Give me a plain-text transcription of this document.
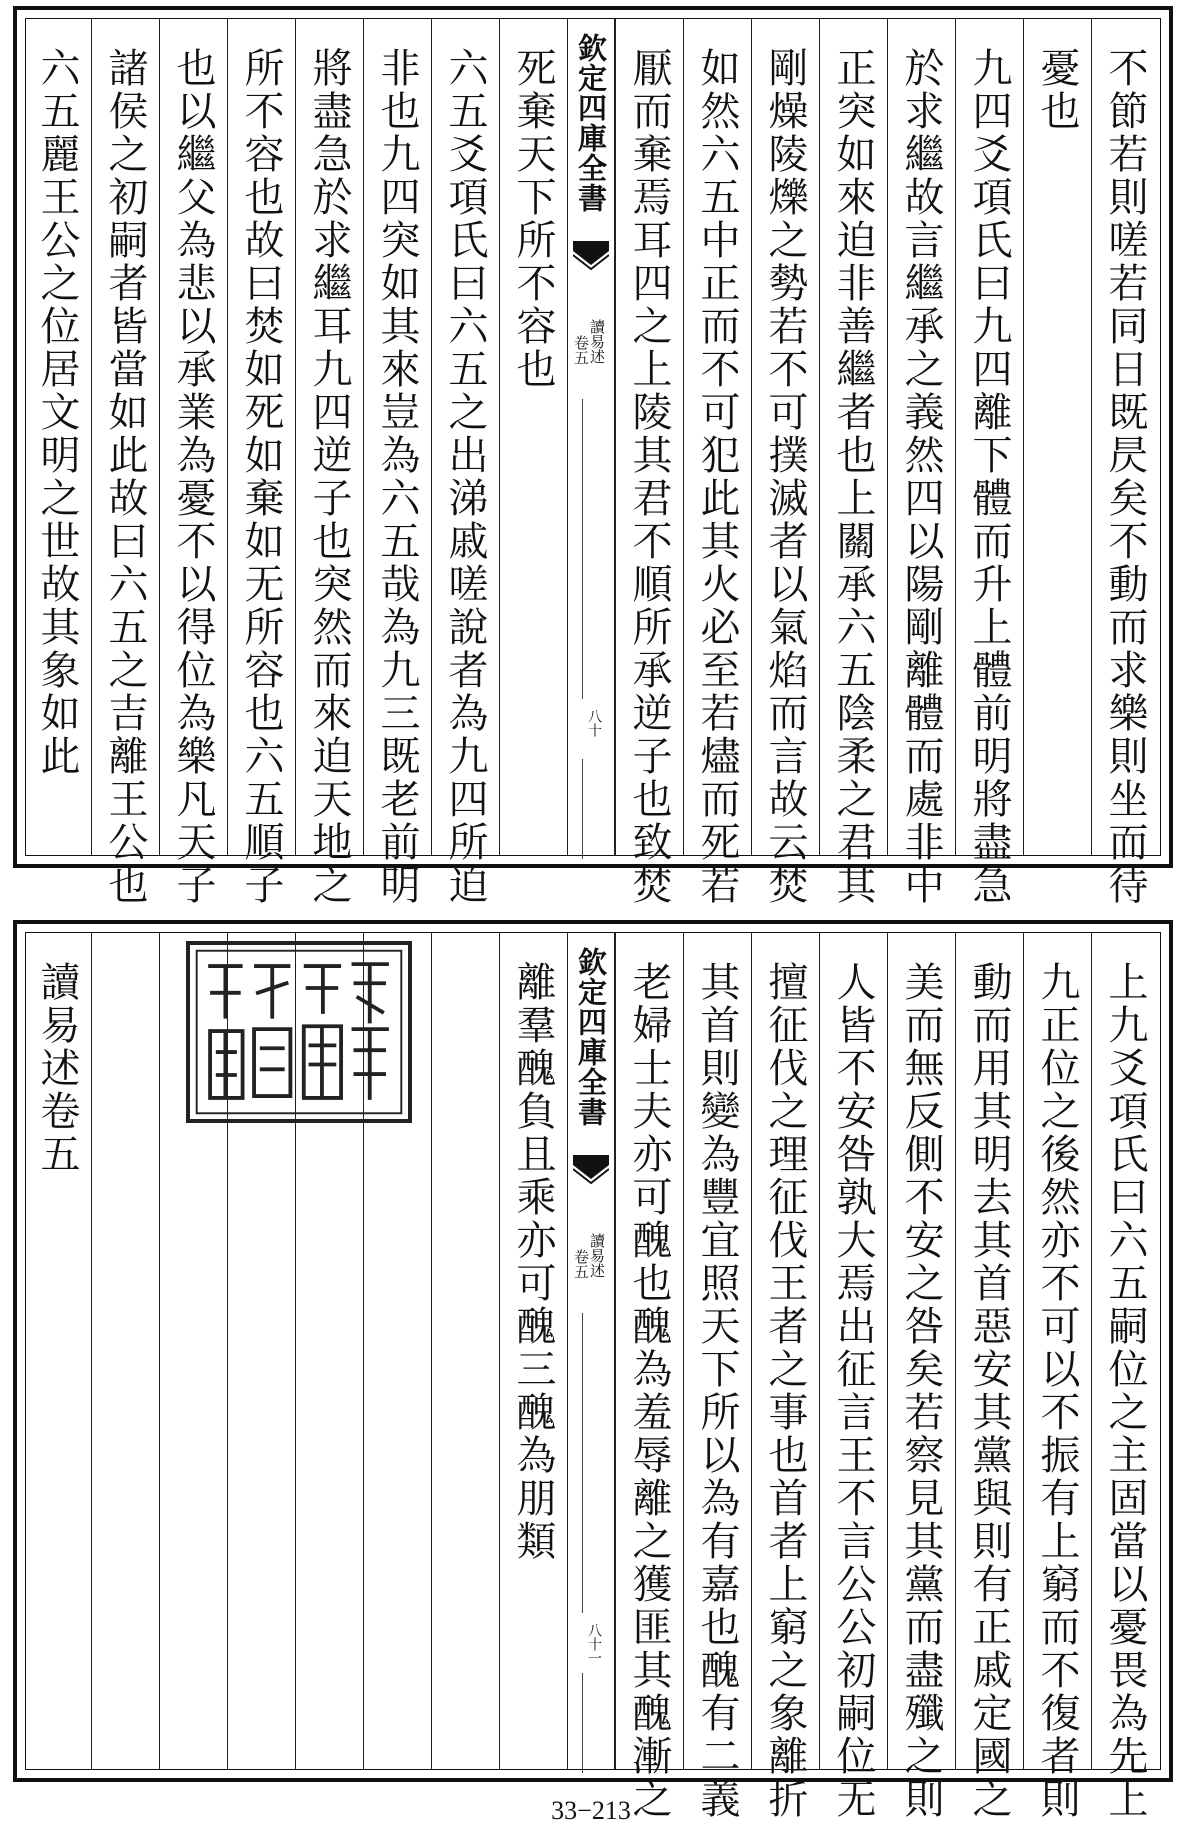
不節若則嗟若同日既昃矣不動而求樂則坐而待
憂也
九四爻項氏曰九四離下體而升上體前明將盡急
於求繼故言繼承之義然四以陽剛離體而處非中
正突如來迫非善繼者也上關承六五陰柔之君其
剛燥陵爍之勢若不可撲滅者以氣焰而言故云焚
如然六五中正而不可犯此其火必至若燼而死若
厭而棄焉耳四之上陵其君不順所承逆子也致焚
欽定四庫全書
讀易述
卷五
八十
死棄天下所不容也
六五爻項氏曰六五之出涕戚嗟說者為九四所迫
非也九四突如其來豈為六五哉為九三既老前明
將盡急於求繼耳九四逆子也突然而來迫天地之
所不容也故曰焚如死如棄如无所容也六五順子
也以繼父為悲以承業為憂不以得位為樂凡天子
諸侯之初嗣者皆當如此故曰六五之吉離王公也
六五麗王公之位居文明之世故其象如此
上九爻項氏曰六五嗣位之主固當以憂畏為先上
九正位之後然亦不可以不振有上窮而不復者則
動而用其明去其首惡安其黨與則有正戚定國之
美而無反側不安之咎矣若察見其黨而盡殲之則
人皆不安咎孰大焉出征言王不言公公初嗣位无
擅征伐之理征伐王者之事也首者上窮之象離折
其首則變為豐宜照天下所以為有嘉也醜有二義
老婦士夫亦可醜也醜為羞辱離之獲匪其醜漸之
欽定四庫全書
讀易述
卷五
八十一
離羣醜負且乘亦可醜三醜為朋類
讀易述卷五
33−213
